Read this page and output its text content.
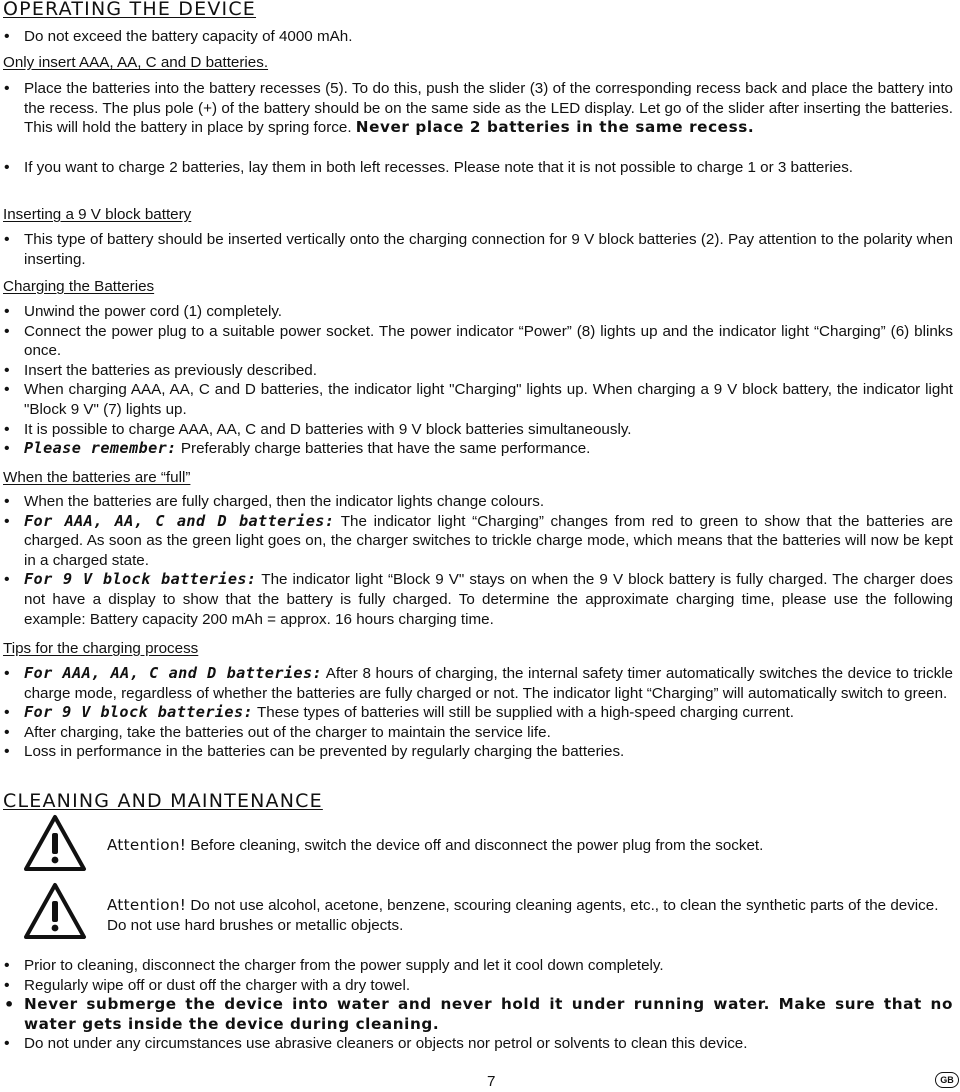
OPERATING THE DEVICE

• Do not exceed the battery capacity of 4000 mAh.

Only insert AAA, AA, C and D batteries.

• Place the batteries into the battery recesses (5). To do this, push the slider (3) of the corresponding recess back and place the battery into the recess. The plus pole (+) of the battery should be on the same side as the LED display. Let go of the slider after inserting the batteries. This will hold the battery in place by spring force. Never place 2 batteries in the same recess.

• If you want to charge 2 batteries, lay them in both left recesses. Please note that it is not possible to charge 1 or 3 batteries.

Inserting a 9 V block battery

• This type of battery should be inserted vertically onto the charging connection for 9 V block batteries (2). Pay attention to the polarity when inserting.

Charging the Batteries

• Unwind the power cord (1) completely.

• Connect the power plug to a suitable power socket. The power indicator “Power” (8) lights up and the indicator light “Charging” (6) blinks once.

• Insert the batteries as previously described.

• When charging AAA, AA, C and D batteries, the indicator light "Charging" lights up. When charging a 9 V block battery, the indicator light "Block 9 V" (7) lights up.

• It is possible to charge AAA, AA, C and D batteries with 9 V block batteries simultaneously.

• Please remember: Preferably charge batteries that have the same performance.

When the batteries are “full”

• When the batteries are fully charged, then the indicator lights change colours.

• For AAA, AA, C and D batteries: The indicator light “Charging” changes from red to green to show that the batteries are charged. As soon as the green light goes on, the charger switches to trickle charge mode, which means that the batteries will now be kept in a charged state.

• For 9 V block batteries: The indicator light “Block 9 V" stays on when the 9 V block battery is fully charged. The charger does not have a display to show that the battery is fully charged. To determine the approximate charging time, please use the following example: Battery capacity 200 mAh = approx. 16 hours charging time.

Tips for the charging process

• For AAA, AA, C and D batteries: After 8 hours of charging, the internal safety timer automatically switches the device to trickle charge mode, regardless of whether the batteries are fully charged or not. The indicator light “Charging” will automatically switch to green.

• For 9 V block batteries: These types of batteries will still be supplied with a high-speed charging current.

• After charging, take the batteries out of the charger to maintain the service life.

• Loss in performance in the batteries can be prevented by regularly charging the batteries.

CLEANING AND MAINTENANCE

Attention! Before cleaning, switch the device off and disconnect the power plug from the socket.

Attention! Do not use alcohol, acetone, benzene, scouring cleaning agents, etc., to clean the synthetic parts of the device. Do not use hard brushes or metallic objects.

• Prior to cleaning, disconnect the charger from the power supply and let it cool down completely.

• Regularly wipe off or dust off the charger with a dry towel.

• Never submerge the device into water and never hold it under running water. Make sure that no water gets inside the device during cleaning.

• Do not under any circumstances use abrasive cleaners or objects nor petrol or solvents to clean this device.

7	GB
